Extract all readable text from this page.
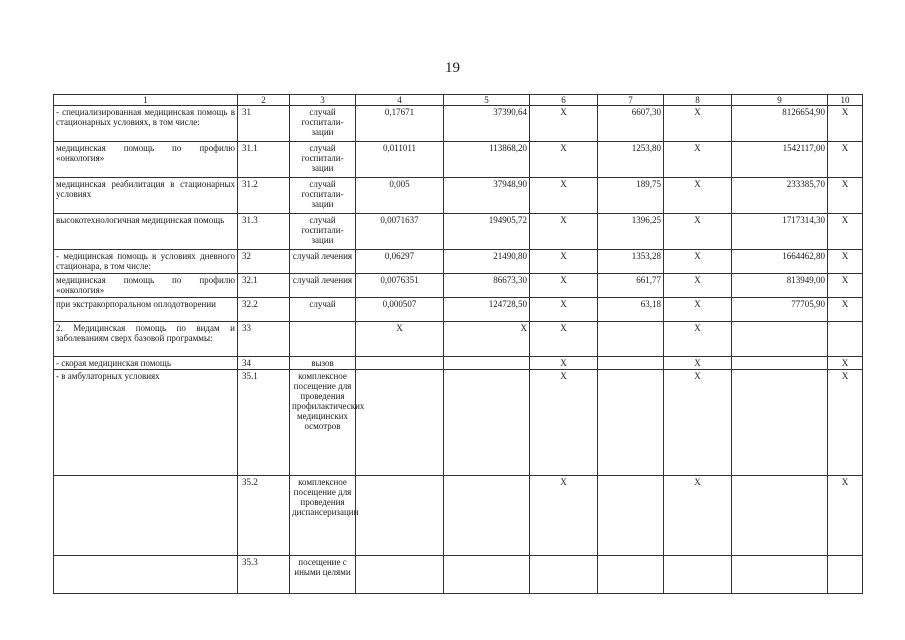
19
1	2	3	4	5	6	7	8	9	10
- специализированная медицинская помощь в стационарных условиях, в том числе:	31	случай госпитали-зации	0,17671	37390,64	X	6607,30	X	8126654,90	X
медицинская помощь по профилю «онкология»	31.1	случай госпитали-зации	0,011011	113868,20	X	1253,80	X	1542117,00	X
медицинская реабилитация в стационарных условиях	31.2	случай госпитали-зации	0,005	37948,90	X	189,75	X	233385,70	X
высокотехнологичная медицинская помощь	31.3	случай госпитали-зации	0,0071637	194905,72	X	1396,25	X	1717314,30	X
- медицинская помощь в условиях дневного стационара, в том числе:	32	случай лечения	0,06297	21490,80	X	1353,28	X	1664462,80	X
медицинская помощь по профилю «онкология»	32.1	случай лечения	0,0076351	86673,30	X	661,77	X	813949,00	X
при экстракорпоральном оплодотворении	32.2	случай	0,000507	124728,50	X	63,18	X	77705,90	X
2. Медицинская помощь по видам и заболеваниям сверх базовой программы:	33		X	X	X		X		
- скорая медицинская помощь	34	вызов			X		X		X
- в амбулаторных условиях	35.1	комплексное посещение для проведения профилактических медицинских осмотров			X		X		X
	35.2	комплексное посещение для проведения диспансеризации			X		X		X
	35.3	посещение с иными целями							
